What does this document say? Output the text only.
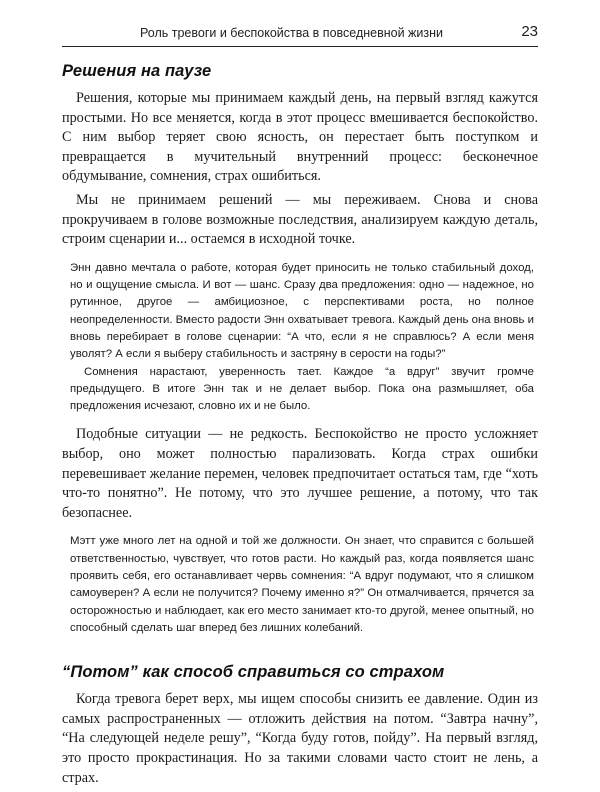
Роль тревоги и беспокойства в повседневной жизни	23
Решения на паузе

Решения, которые мы принимаем каждый день, на первый взгляд кажутся простыми. Но все меняется, когда в этот процесс вмешивается беспокойство. С ним выбор теряет свою ясность, он перестает быть поступком и превращается в мучительный внутренний процесс: бесконечное обдумывание, сомнения, страх ошибиться.

Мы не принимаем решений — мы переживаем. Снова и снова прокручиваем в голове возможные последствия, анализируем каждую деталь, строим сценарии и... остаемся в исходной точке.

Энн давно мечтала о работе, которая будет приносить не только стабильный доход, но и ощущение смысла. И вот — шанс. Сразу два предложения: одно — надежное, но рутинное, другое — амбициозное, с перспективами роста, но полное неопределенности. Вместо радости Энн охватывает тревога. Каждый день она вновь и вновь перебирает в голове сценарии: “А что, если я не справлюсь? А если меня уволят? А если я выберу стабильность и застряну в серости на годы?”

Сомнения нарастают, уверенность тает. Каждое “а вдруг” звучит громче предыдущего. В итоге Энн так и не делает выбор. Пока она размышляет, оба предложения исчезают, словно их и не было.

Подобные ситуации — не редкость. Беспокойство не просто усложняет выбор, оно может полностью парализовать. Когда страх ошибки перевешивает желание перемен, человек предпочитает остаться там, где “хоть что-то понятно”. Не потому, что это лучшее решение, а потому, что так безопаснее.

Мэтт уже много лет на одной и той же должности. Он знает, что справится с большей ответственностью, чувствует, что готов расти. Но каждый раз, когда появляется шанс проявить себя, его останавливает червь сомнения: “А вдруг подумают, что я слишком самоуверен? А если не получится? Почему именно я?” Он отмалчивается, прячется за осторожностью и наблюдает, как его место занимает кто-то другой, менее опытный, но способный сделать шаг вперед без лишних колебаний.

“Потом” как способ справиться со страхом

Когда тревога берет верх, мы ищем способы снизить ее давление. Один из самых распространенных — отложить действия на потом. “Завтра начну”, “На следующей неделе решу”, “Когда буду готов, пойду”. На первый взгляд, это просто прокрастинация. Но за такими словами часто стоит не лень, а страх.
